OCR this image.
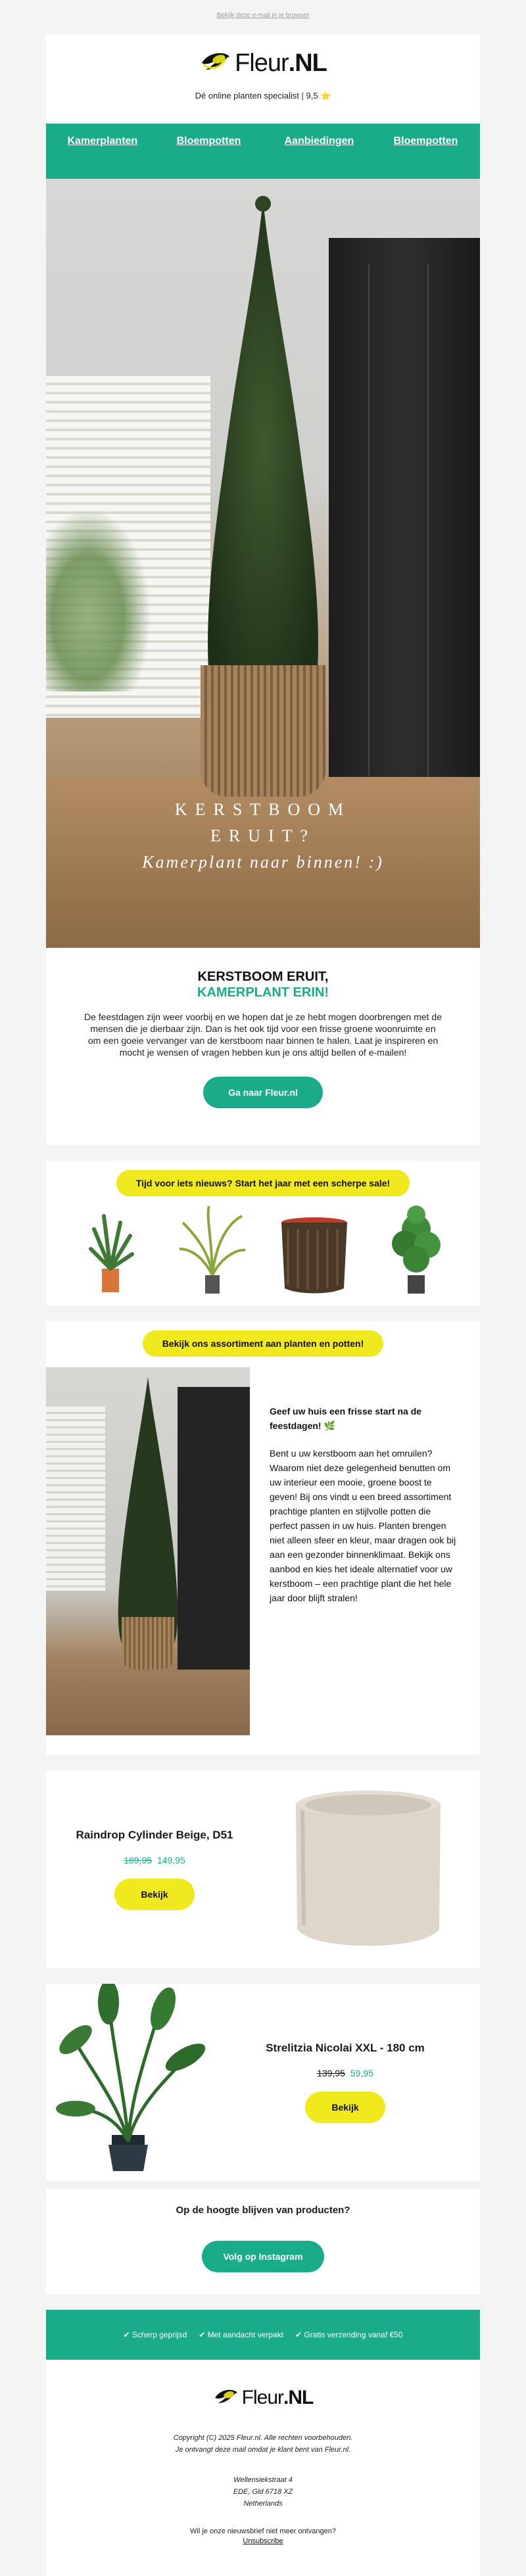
Bekijk deze e-mail in je browser
Fleur.NL
Dé online planten specialist | 9,5 ⭐
Kamerplanten	Bloempotten	Aanbiedingen	Bloempotten
KERSTBOOM
ERUIT?
Kamerplant naar binnen! :)
KERSTBOOM ERUIT,
KAMERPLANT ERIN!

De feestdagen zijn weer voorbij en we hopen dat je ze hebt mogen doorbrengen met de mensen die je dierbaar zijn. Dan is het ook tijd voor een frisse groene woonruimte en om een goeie vervanger van de kerstboom naar binnen te halen. Laat je inspireren en mocht je wensen of vragen hebben kun je ons altijd bellen of e-mailen!

Ga naar Fleur.nl
Tijd voor iets nieuws? Start het jaar met een scherpe sale!
Bekijk ons assortiment aan planten en potten!

Geef uw huis een frisse start na de feestdagen! 🌿

Bent u uw kerstboom aan het omruilen? Waarom niet deze gelegenheid benutten om uw interieur een mooie, groene boost te geven! Bij ons vindt u een breed assortiment prachtige planten en stijlvolle potten die perfect passen in uw huis. Planten brengen niet alleen sfeer en kleur, maar dragen ook bij aan een gezonder binnenklimaat. Bekijk ons aanbod en kies het ideale alternatief voor uw kerstboom – een prachtige plant die het hele jaar door blijft stralen!

Raindrop Cylinder Beige, D51
189,95 149,95
Bekijk
Strelitzia Nicolai XXL - 180 cm
139,95 59,95
Bekijk
Op de hoogte blijven van producten?
Volg op Instagram
✔ Scherp geprijsd ✔ Met aandacht verpakt ✔ Gratis verzending vanaf €50
Fleur.NL

Copyright (C) 2025 Fleur.nl. Alle rechten voorbehouden.

Je ontvangt deze mail omdat je klant bent van Fleur.nl.

Wellensiekstraat 4

EDE, Gld 6718 XZ

Netherlands

Wil je onze nieuwsbrief niet meer ontvangen?

Unsubscribe
